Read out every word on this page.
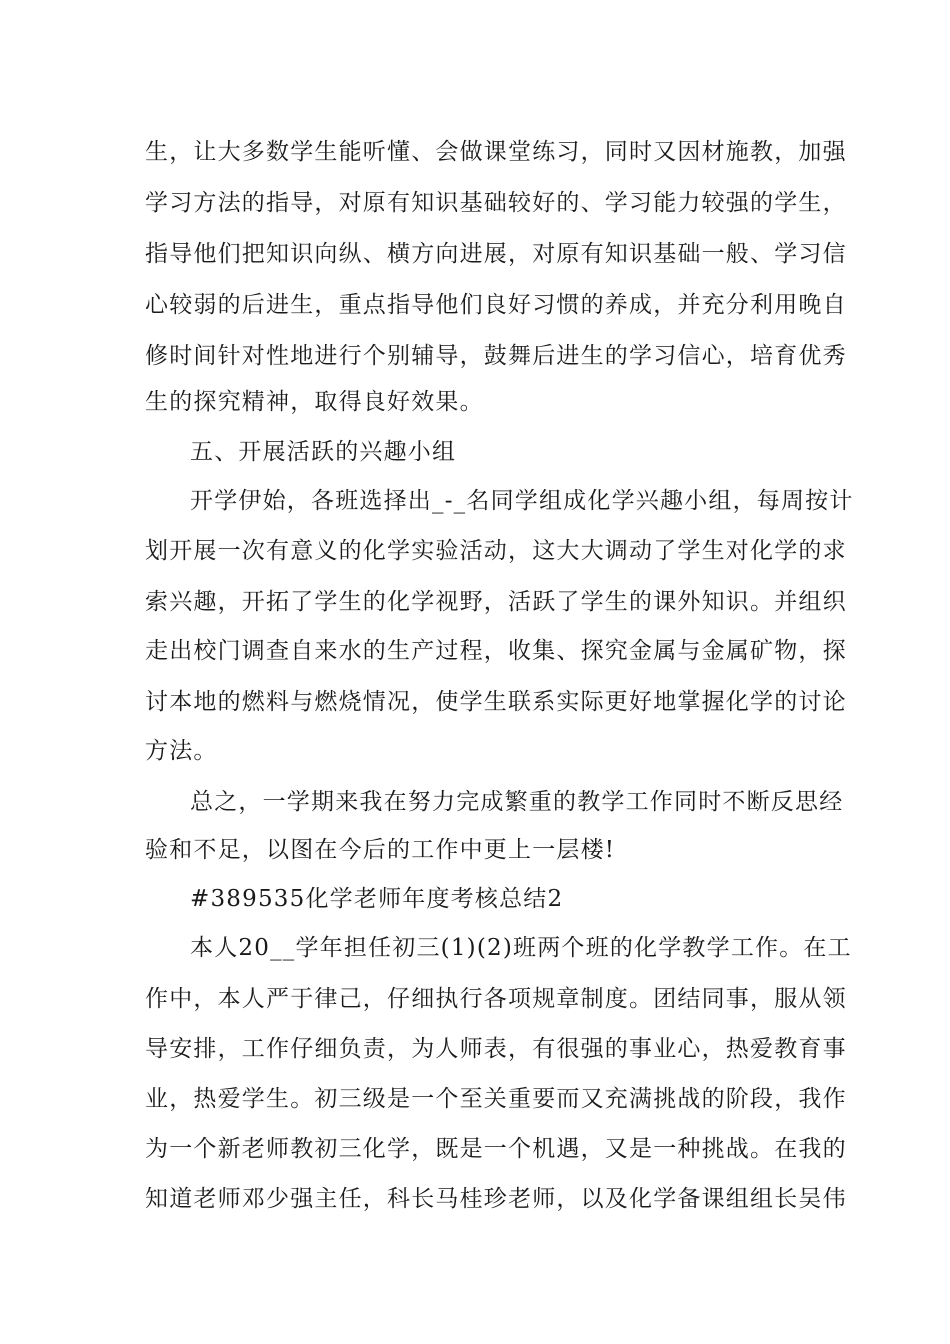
生，让大多数学生能听懂、会做课堂练习，同时又因材施教，加强
学习方法的指导，对原有知识基础较好的、学习能力较强的学生，
指导他们把知识向纵、横方向进展，对原有知识基础一般、学习信
心较弱的后进生，重点指导他们良好习惯的养成，并充分利用晚自
修时间针对性地进行个别辅导，鼓舞后进生的学习信心，培育优秀
生的探究精神，取得良好效果。
五、开展活跃的兴趣小组
开学伊始，各班选择出_-_名同学组成化学兴趣小组，每周按计
划开展一次有意义的化学实验活动，这大大调动了学生对化学的求
索兴趣，开拓了学生的化学视野，活跃了学生的课外知识。并组织
走出校门调查自来水的生产过程，收集、探究金属与金属矿物，探
讨本地的燃料与燃烧情况，使学生联系实际更好地掌握化学的讨论
方法。
总之，一学期来我在努力完成繁重的教学工作同时不断反思经
验和不足，以图在今后的工作中更上一层楼!
#389535化学老师年度考核总结2
本人20__学年担任初三(1)(2)班两个班的化学教学工作。在工
作中，本人严于律己，仔细执行各项规章制度。团结同事，服从领
导安排，工作仔细负责，为人师表，有很强的事业心，热爱教育事
业，热爱学生。初三级是一个至关重要而又充满挑战的阶段，我作
为一个新老师教初三化学，既是一个机遇，又是一种挑战。在我的
知道老师邓少强主任，科长马桂珍老师，以及化学备课组组长吴伟
